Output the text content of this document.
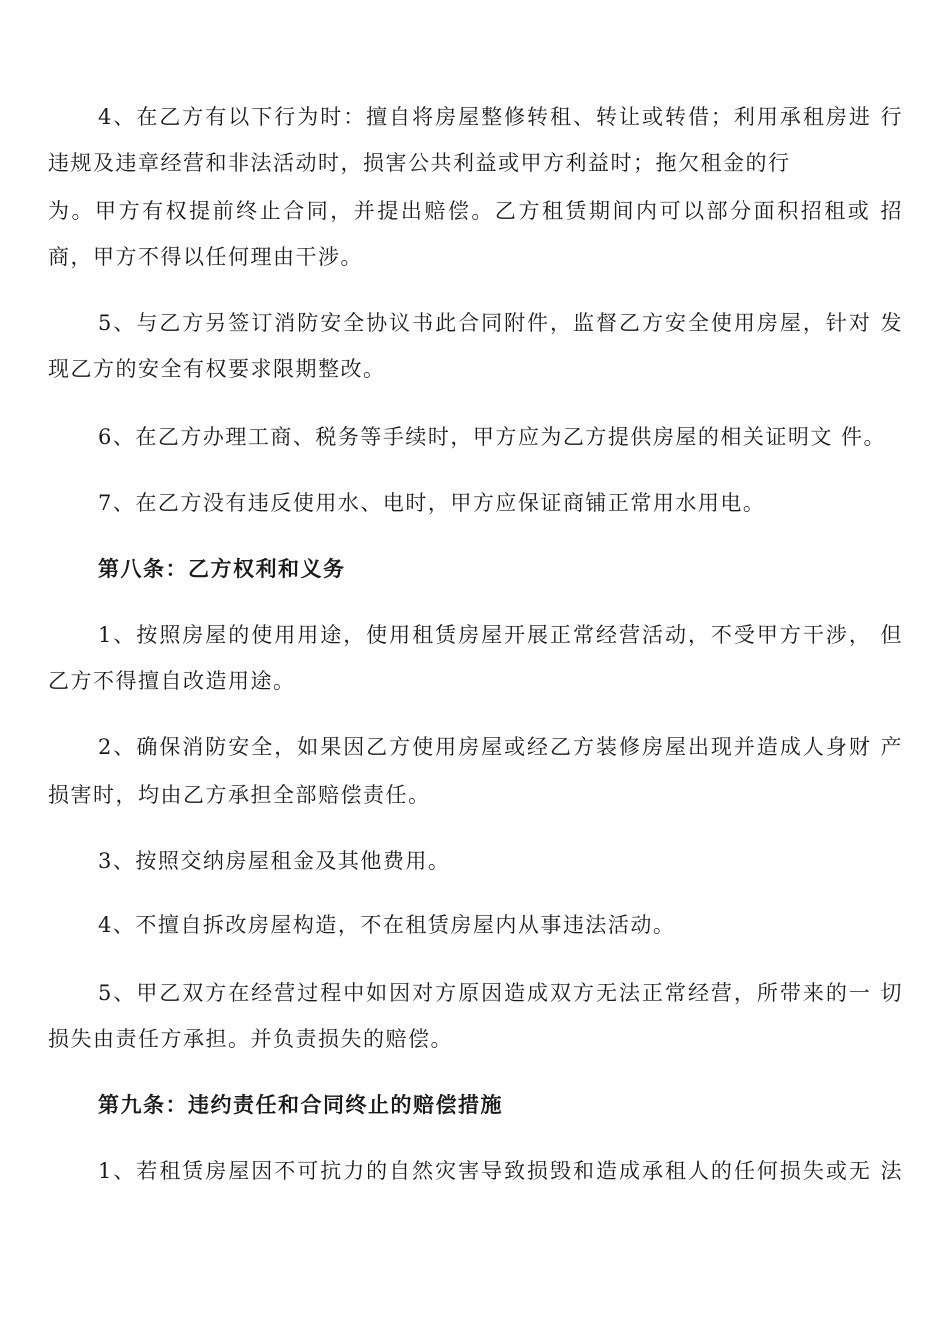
4、在乙方有以下行为时：擅自将房屋整修转租、转让或转借；利用承租房进 行
违规及违章经营和非法活动时，损害公共利益或甲方利益时；拖欠租金的行
为。甲方有权提前终止合同，并提出赔偿。乙方租赁期间内可以部分面积招租或 招
商，甲方不得以任何理由干涉。
5、与乙方另签订消防安全协议书此合同附件，监督乙方安全使用房屋，针对 发
现乙方的安全有权要求限期整改。
6、在乙方办理工商、税务等手续时，甲方应为乙方提供房屋的相关证明文 件。
7、在乙方没有违反使用水、电时，甲方应保证商铺正常用水用电。
第八条：乙方权利和义务
1、按照房屋的使用用途，使用租赁房屋开展正常经营活动，不受甲方干涉， 但
乙方不得擅自改造用途。
2、确保消防安全，如果因乙方使用房屋或经乙方装修房屋出现并造成人身财 产
损害时，均由乙方承担全部赔偿责任。
3、按照交纳房屋租金及其他费用。
4、不擅自拆改房屋构造，不在租赁房屋内从事违法活动。
5、甲乙双方在经营过程中如因对方原因造成双方无法正常经营，所带来的一 切
损失由责任方承担。并负责损失的赔偿。
第九条：违约责任和合同终止的赔偿措施
1、若租赁房屋因不可抗力的自然灾害导致损毁和造成承租人的任何损失或无 法
